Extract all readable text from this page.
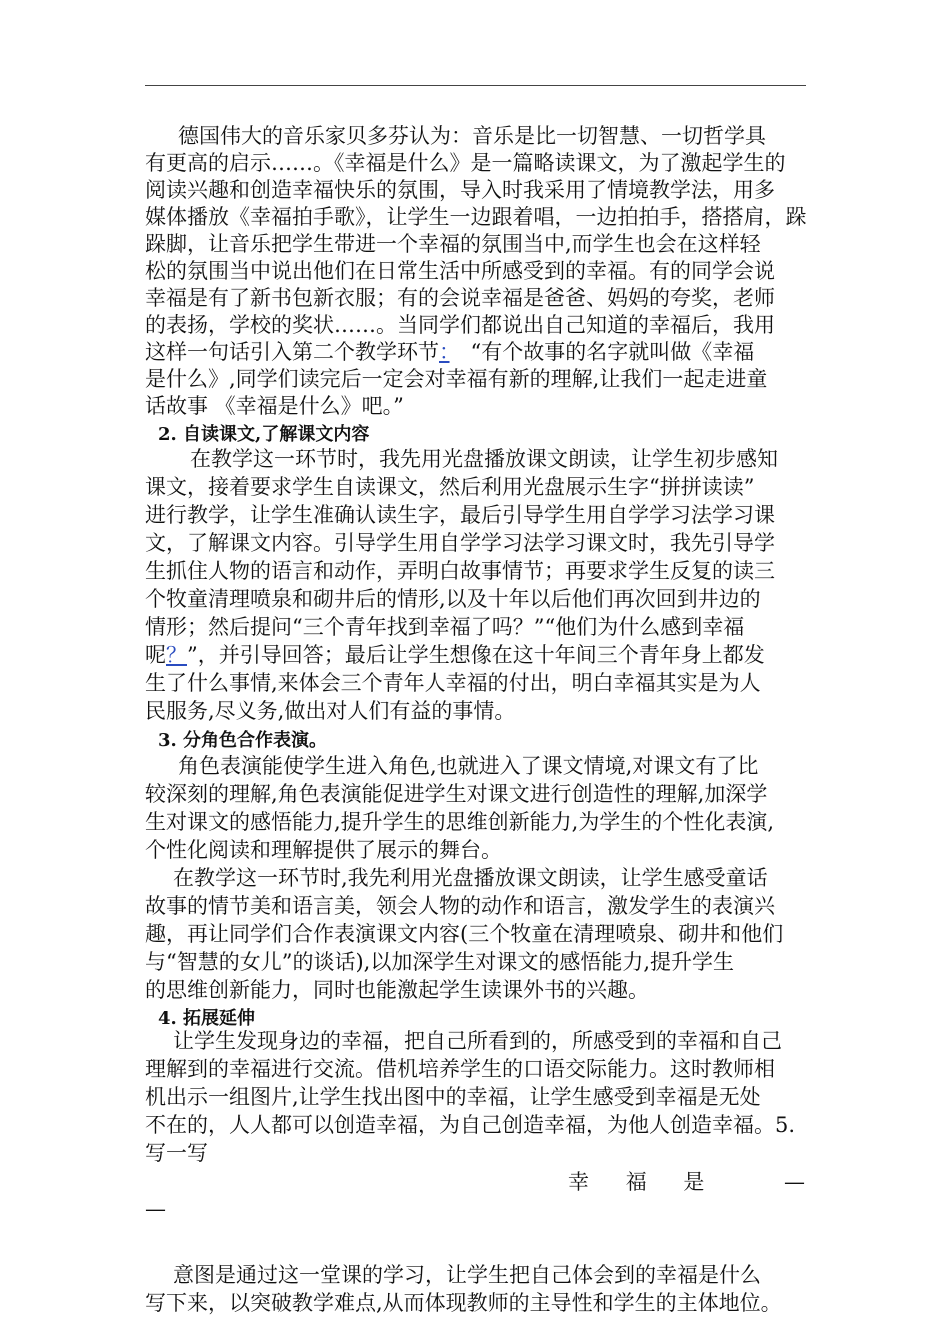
德国伟大的音乐家贝多芬认为：音乐是比一切智慧、一切哲学具
有更高的启示……。《幸福是什么》是一篇略读课文，为了激起学生的
阅读兴趣和创造幸福快乐的氛围，导入时我采用了情境教学法，用多
媒体播放《幸福拍手歌》，让学生一边跟着唱，一边拍拍手，搭搭肩，跺
跺脚，让音乐把学生带进一个幸福的氛围当中,而学生也会在这样轻
松的氛围当中说出他们在日常生活中所感受到的幸福。有的同学会说
幸福是有了新书包新衣服；有的会说幸福是爸爸、妈妈的夸奖，老师
的表扬，学校的奖状……。当同学们都说出自己知道的幸福后，我用
这样一句话引入第二个教学环节：　“有个故事的名字就叫做《幸福
是什么》,同学们读完后一定会对幸福有新的理解,让我们一起走进童
话故事 《幸福是什么》吧。”
2. 自读课文,了解课文内容
在教学这一环节时，我先用光盘播放课文朗读，让学生初步感知
课文，接着要求学生自读课文，然后利用光盘展示生字“拼拼读读”
进行教学，让学生准确认读生字，最后引导学生用自学学习法学习课
文，了解课文内容。引导学生用自学学习法学习课文时，我先引导学
生抓住人物的语言和动作，弄明白故事情节；再要求学生反复的读三
个牧童清理喷泉和砌井后的情形,以及十年以后他们再次回到井边的
情形；然后提问“三个青年找到幸福了吗？”“他们为什么感到幸福
呢？”，并引导回答；最后让学生想像在这十年间三个青年身上都发
生了什么事情,来体会三个青年人幸福的付出，明白幸福其实是为人
民服务,尽义务,做出对人们有益的事情。
3. 分角色合作表演。
角色表演能使学生进入角色,也就进入了课文情境,对课文有了比
较深刻的理解,角色表演能促进学生对课文进行创造性的理解,加深学
生对课文的感悟能力,提升学生的思维创新能力,为学生的个性化表演,
个性化阅读和理解提供了展示的舞台。
在教学这一环节时,我先利用光盘播放课文朗读，让学生感受童话
故事的情节美和语言美，领会人物的动作和语言，激发学生的表演兴
趣，再让同学们合作表演课文内容(三个牧童在清理喷泉、砌井和他们
与“智慧的女儿”的谈话),以加深学生对课文的感悟能力,提升学生
的思维创新能力，同时也能激起学生读课外书的兴趣。
4. 拓展延伸
让学生发现身边的幸福，把自己所看到的，所感受到的幸福和自己
理解到的幸福进行交流。借机培养学生的口语交际能力。这时教师相
机出示一组图片,让学生找出图中的幸福，让学生感受到幸福是无处
不在的，人人都可以创造幸福，为自己创造幸福，为他人创造幸福。5.
写一写
幸 福 是	—
—
意图是通过这一堂课的学习，让学生把自己体会到的幸福是什么
写下来，以突破教学难点,从而体现教师的主导性和学生的主体地位。
